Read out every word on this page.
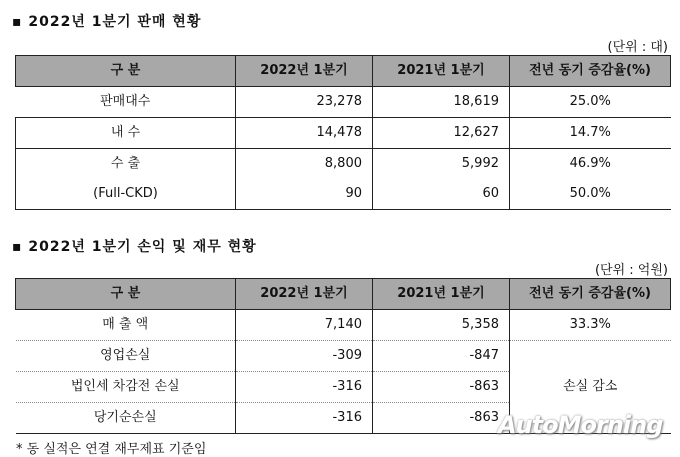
▪ 2022년 1분기 판매 현황
(단위 : 대)
구 분	2022년 1분기	2021년 1분기	전년 동기 증감율(%)
판매대수	23,278	18,619	25.0%
내 수	14,478	12,627	14.7%
수 출	8,800	5,992	46.9%
(Full-CKD)	90	60	50.0%
▪ 2022년 1분기 손익 및 재무 현황
(단위 : 억원)
구 분	2022년 1분기	2021년 1분기	전년 동기 증감율(%)
매 출 액	7,140	5,358	33.3%
영업손실	-309	-847	손실 감소
법인세 차감전 손실	-316	-863	
당기순손실	-316	-863	
* 동 실적은 연결 재무제표 기준임
AutoMorning
